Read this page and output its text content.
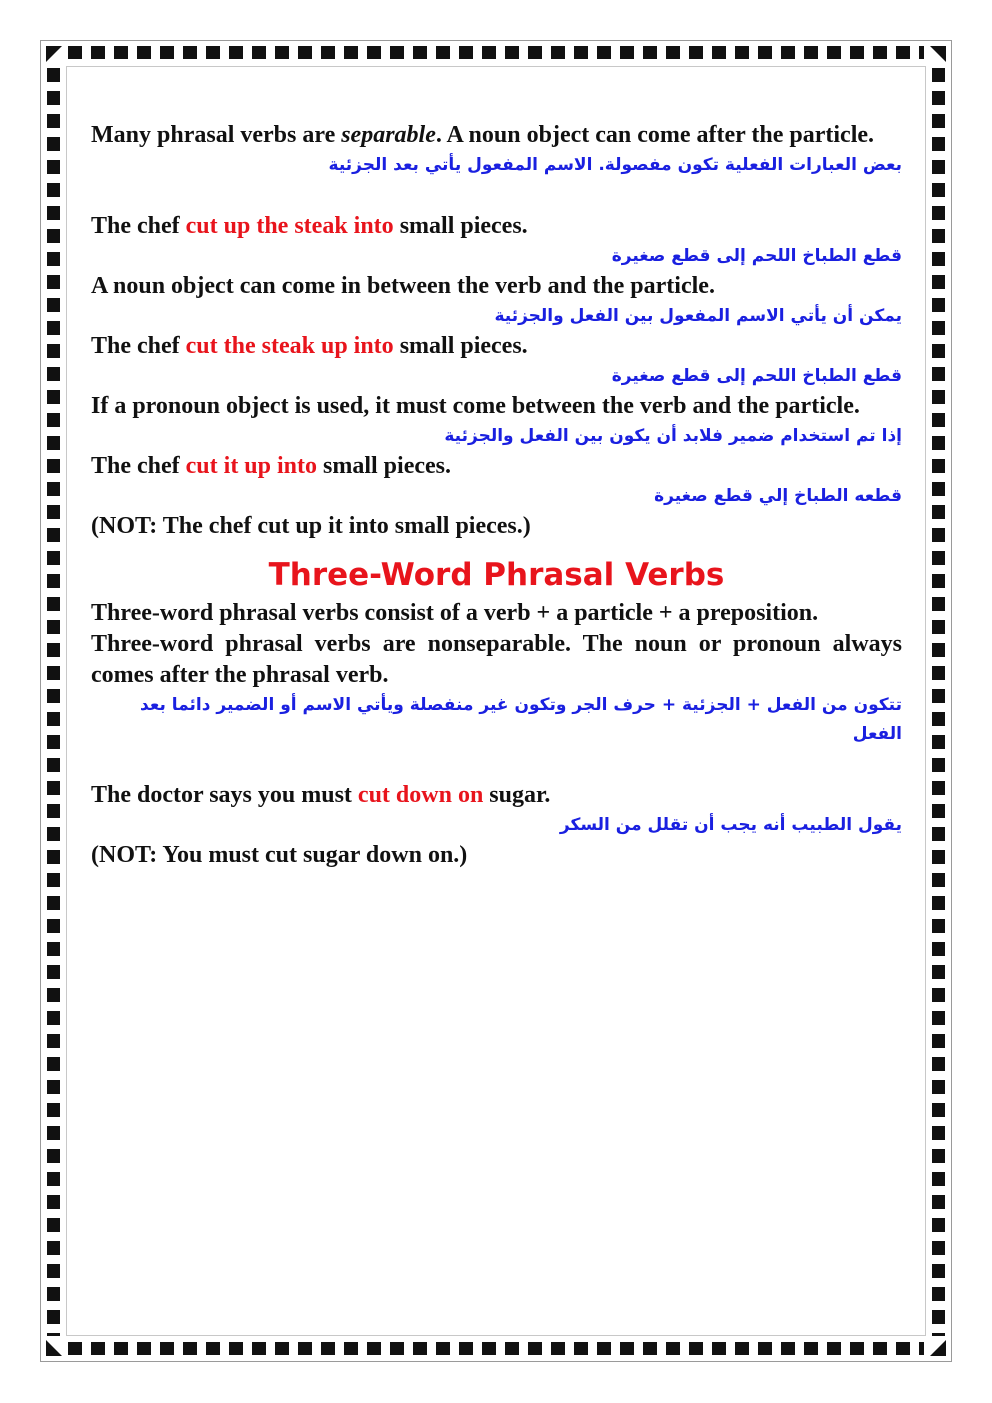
Many phrasal verbs are separable. A noun object can come after the particle.

بعض العبارات الفعلية تكون مفصولة. الاسم المفعول يأتي بعد الجزئية

The chef cut up the steak into small pieces.

قطع الطباخ اللحم إلى قطع صغيرة

A noun object can come in between the verb and the particle.

يمكن أن يأتي الاسم المفعول بين الفعل والجزئية

The chef cut the steak up into small pieces.

قطع الطباخ اللحم إلى قطع صغيرة

If a pronoun object is used, it must come between the verb and the particle.

إذا تم استخدام ضمير فلابد أن يكون بين الفعل والجزئية

The chef cut it up into small pieces.

قطعه الطباخ إلي قطع صغيرة

(NOT: The chef cut up it into small pieces.)

Three-Word Phrasal Verbs

Three-word phrasal verbs consist of a verb + a particle + a preposition.

Three-word phrasal verbs are nonseparable. The noun or pronoun always comes after the phrasal verb.

تتكون من الفعل + الجزئية + حرف الجر وتكون غير منفصلة ويأتي الاسم أو الضمير دائما بعد

الفعل

The doctor says you must cut down on sugar.

يقول الطبيب أنه يجب أن تقلل من السكر

(NOT: You must cut sugar down on.)
